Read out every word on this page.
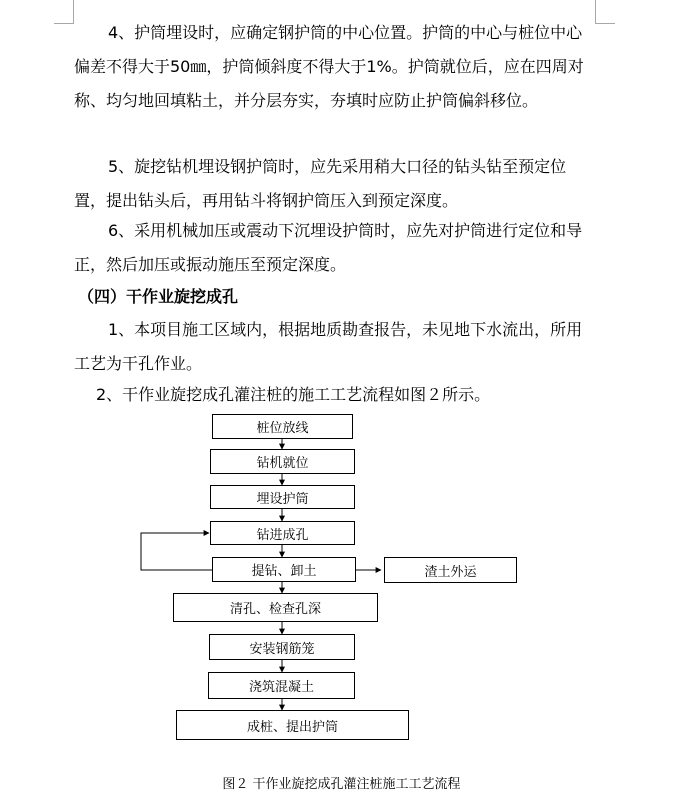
4、护筒埋设时，应确定钢护筒的中心位置。护筒的中心与桩位中心偏差不得大于50㎜，护筒倾斜度不得大于1%。护筒就位后，应在四周对称、均匀地回填粘土，并分层夯实，夯填时应防止护筒偏斜移位。

5、旋挖钻机埋设钢护筒时，应先采用稍大口径的钻头钻至预定位置，提出钻头后，再用钻斗将钢护筒压入到预定深度。

6、采用机械加压或震动下沉埋设护筒时，应先对护筒进行定位和导正，然后加压或振动施压至预定深度。

（四）干作业旋挖成孔

1、本项目施工区域内，根据地质勘查报告，未见地下水流出，所用工艺为干孔作业。

2、干作业旋挖成孔灌注桩的施工工艺流程如图２所示。

桩位放线
钻机就位
埋设护筒
钻进成孔
提钻、卸土	渣土外运
清孔、检查孔深
安装钢筋笼
浇筑混凝土
成桩、提出护筒
图２ 干作业旋挖成孔灌注桩施工工艺流程
